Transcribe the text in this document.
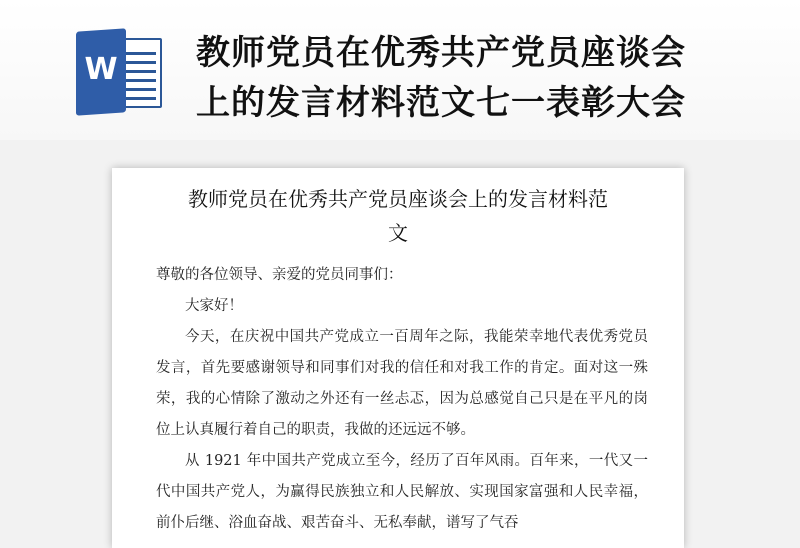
W 教师党员在优秀共产党员座谈会
上的发言材料范文七一表彰大会
教师党员在优秀共产党员座谈会上的发言材料范
文

尊敬的各位领导、亲爱的党员同事们：

大家好！

今天，在庆祝中国共产党成立一百周年之际，我能荣幸地代表优秀党员发言，首先要感谢领导和同事们对我的信任和对我工作的肯定。面对这一殊荣，我的心情除了激动之外还有一丝忐忑，因为总感觉自己只是在平凡的岗位上认真履行着自己的职责，我做的还远远不够。

从 1921 年中国共产党成立至今，经历了百年风雨。百年来，一代又一代中国共产党人，为赢得民族独立和人民解放、实现国家富强和人民幸福，前仆后继、浴血奋战、艰苦奋斗、无私奉献，谱写了气吞
